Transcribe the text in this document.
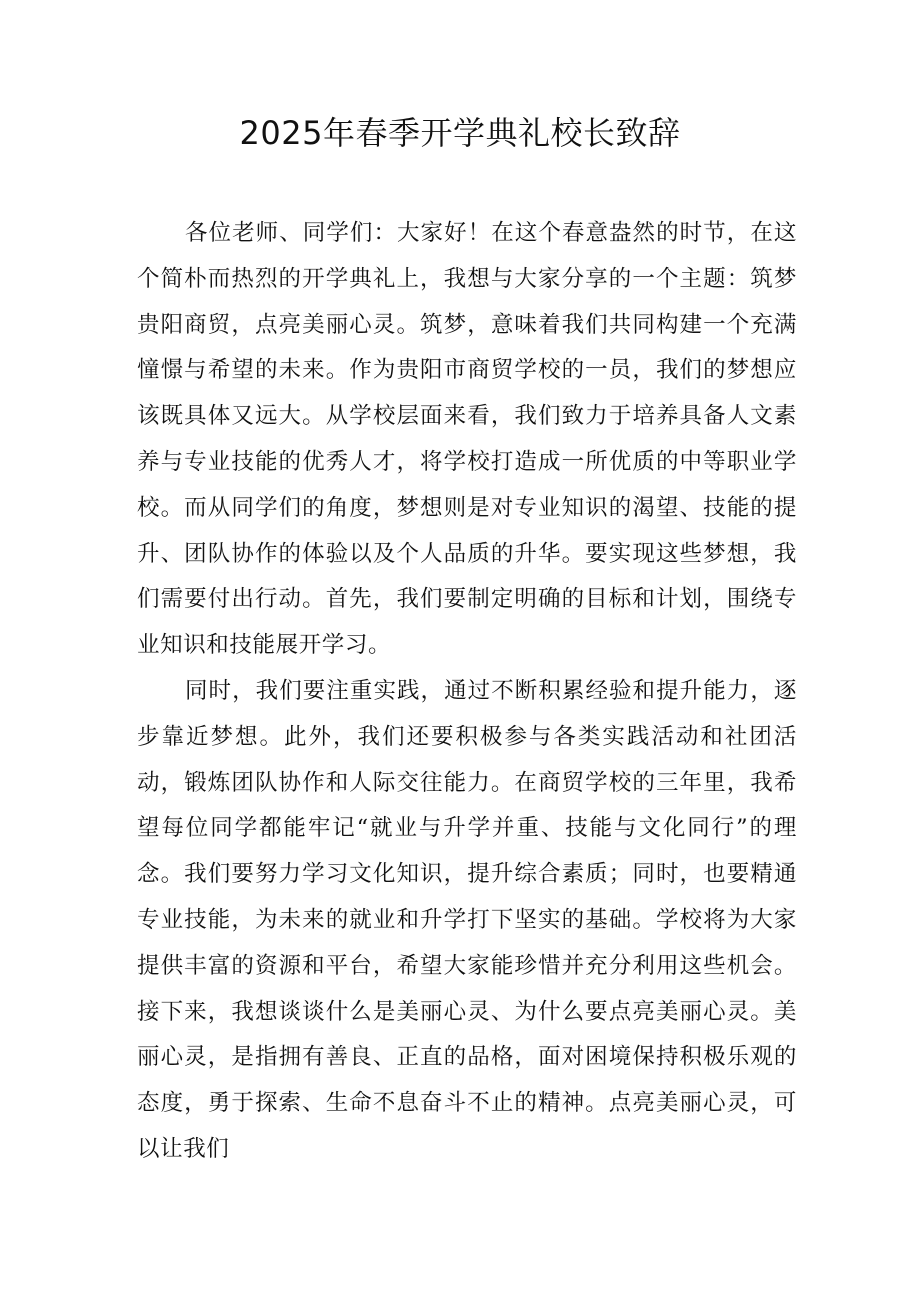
2025年春季开学典礼校长致辞

各位老师、同学们：大家好！在这个春意盎然的时节，在这个简朴而热烈的开学典礼上，我想与大家分享的一个主题：筑梦贵阳商贸，点亮美丽心灵。筑梦，意味着我们共同构建一个充满憧憬与希望的未来。作为贵阳市商贸学校的一员，我们的梦想应该既具体又远大。从学校层面来看，我们致力于培养具备人文素养与专业技能的优秀人才，将学校打造成一所优质的中等职业学校。而从同学们的角度，梦想则是对专业知识的渴望、技能的提升、团队协作的体验以及个人品质的升华。要实现这些梦想，我们需要付出行动。首先，我们要制定明确的目标和计划，围绕专业知识和技能展开学习。

同时，我们要注重实践，通过不断积累经验和提升能力，逐步靠近梦想。此外，我们还要积极参与各类实践活动和社团活动，锻炼团队协作和人际交往能力。在商贸学校的三年里，我希望每位同学都能牢记“就业与升学并重、技能与文化同行”的理念。我们要努力学习文化知识，提升综合素质；同时，也要精通专业技能，为未来的就业和升学打下坚实的基础。学校将为大家提供丰富的资源和平台，希望大家能珍惜并充分利用这些机会。接下来，我想谈谈什么是美丽心灵、为什么要点亮美丽心灵。美丽心灵，是指拥有善良、正直的品格，面对困境保持积极乐观的态度，勇于探索、生命不息奋斗不止的精神。点亮美丽心灵，可以让我们
